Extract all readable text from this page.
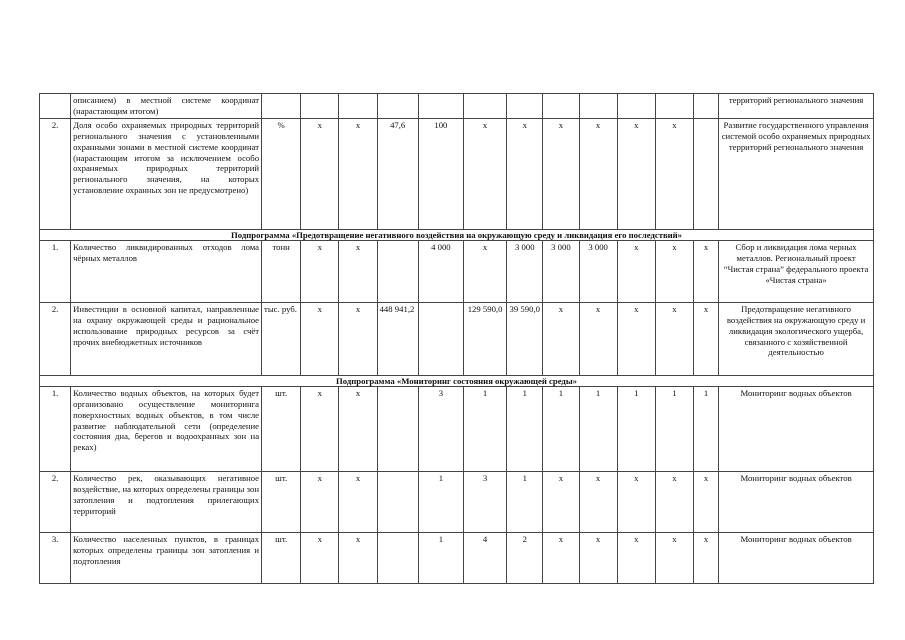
	описанием) в местной системе координат (нарастающим итогом)													территорий регионального значения
2.	Доля особо охраняемых природных территорий регионального значения с установленными охранными зонами в местной системе координат (нарастающим итогом за исключением особо охраняемых природных территорий регионального значения, на которых установление охранных зон не предусмотрено)	%	х	х	47,6	100	х	х	х	х	х	х		Развитие государственного управления системой особо охраняемых природных территорий регионального значения
Подпрограмма «Предотвращение негативного воздействия на окружающую среду и ликвидация его последствий»														
1.	Количество ликвидированных отходов лома чёрных металлов	тонн	х	х		4 000	х	3 000	3 000	3 000	х	х	х	Сбор и ликвидация лома черных металлов. Региональный проект “Чистая страна” федерального проекта «Чистая страна»
2.	Инвестиции в основной капитал, направленные на охрану окружающей среды и рациональное использование природных ресурсов за счёт прочих внебюджетных источников	тыс. руб.	х	х	448 941,2		129 590,0	39 590,0	х	х	х	х	х	Предотвращение негативного воздействия на окружающую среду и ликвидация экологического ущерба, связанного с хозяйственной деятельностью
Подпрограмма «Мониторинг состояния окружающей среды»														
1.	Количество водных объектов, на которых будет организовано осуществление мониторинга поверхностных водных объектов, в том числе развитие наблюдательной сети (определение состояния дна, берегов и водоохранных зон на реках)	шт.	х	х		3	1	1	1	1	1	1	1	Мониторинг водных объектов
2.	Количество рек, оказывающих негативное воздействие, на которых определены границы зон затопления и подтопления прилегающих территорий	шт.	х	х		1	3	1	х	х	х	х	х	Мониторинг водных объектов
3.	Количество населенных пунктов, в границах которых определены границы зон затопления и подтопления	шт.	х	х		1	4	2	х	х	х	х	х	Мониторинг водных объектов
